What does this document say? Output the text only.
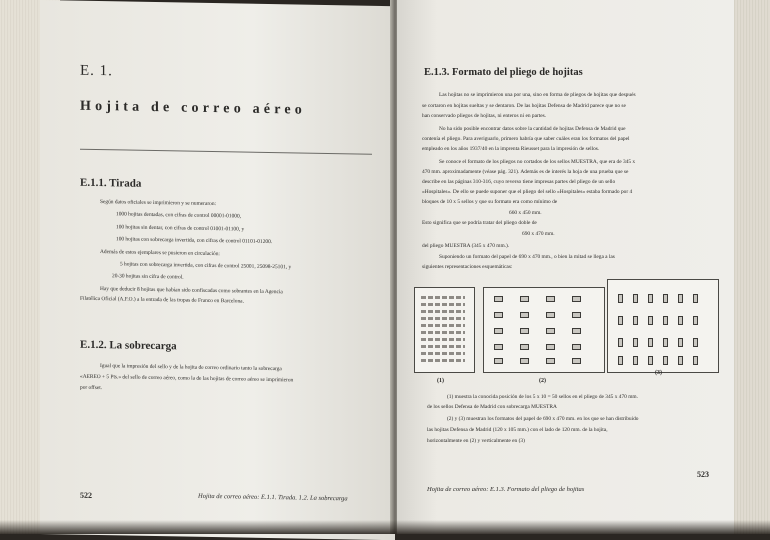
E. 1.
Hojita de correo aéreo
E.1.1. Tirada
Según datos oficiales se imprimieron y se numeraron:
1000 hojitas dentadas, con cifras de control 00001-01000,
100 hojitas sin dentar, con cifras de control 01001-01100, y
100 hojitas con sobrecarga invertida, con cifras de control 01101-01200.
Además de estos ejemplares se pusieron en circulación:
5 hojitas con sobrecarga invertida, con cifras de control 25001, 25098-25101, y
20-30 hojitas sin cifra de control.
Hay que deducir 8 hojitas que habían sido confiscadas como sobrantes en la Agencia
Filatélica Oficial (A.F.O.) a la entrada de las tropas de Franco en Barcelona.
E.1.2. La sobrecarga
Igual que la impresión del sello y de la hojita de correo ordinario tanto la sobrecarga
«AEREO + 5 Pts.» del sello de correo aéreo, como la de las hojitas de correo aéreo se imprimieron
por offset.
522	Hojita de correo aéreo: E.1.1. Tirada. 1.2. La sobrecarga
E.1.3. Formato del pliego de hojitas
Las hojitas no se imprimieron una por una, sino en forma de pliegos de hojitas que después
se cortaron en hojitas sueltas y se dentaron. De las hojitas Defensa de Madrid parece que no se
han conservado pliegos de hojitas, ni enteros ni en partes.
No ha sido posible encontrar datos sobre la cantidad de hojitas Defensa de Madrid que
contenía el pliego. Para averiguarlo, primero habría que saber cuáles eran los formatos del papel
empleado en los años 1937/40 en la imprenta Rieusset para la impresión de sellos.
Se conoce el formato de los pliegos no cortados de los sellos MUESTRA, que era de 345 x
470 mm. aproximadamente (véase pág. 321). Además es de interés la hoja de una prueba que se
describe en las páginas 310-316, cuyo reverso tiene impresas partes del pliego de un sello
«Hospitales». De ello se puede suponer que el pliego del sello «Hospitales» estaba formado por 4
bloques de 10 x 5 sellos y que su formato era como mínimo de
660 x 450 mm.
Esto significa que se podría tratar del pliego doble de
690 x 470 mm.
del pliego MUESTRA (345 x 470 mm.).
Suponiendo un formato del papel de 690 x 470 mm., o bien la mitad se llega a las
siguientes representaciones esquemáticas:
(1)	(2)
(3)
(1) muestra la conocida posición de los 5 x 10 = 50 sellos en el pliego de 345 x 470 mm.
de los sellos Defensa de Madrid con sobrecarga MUESTRA
(2) y (3) muestran los formatos del papel de 690 x 470 mm. en los que se han distribuido
las hojitas Defensa de Madrid (120 x 105 mm.) con el lado de 120 mm. de la hojita,
horizontalmente en (2) y verticalmente en (3)
523
Hojita de correo aéreo: E.1.3. Formato del pliego de hojitas
